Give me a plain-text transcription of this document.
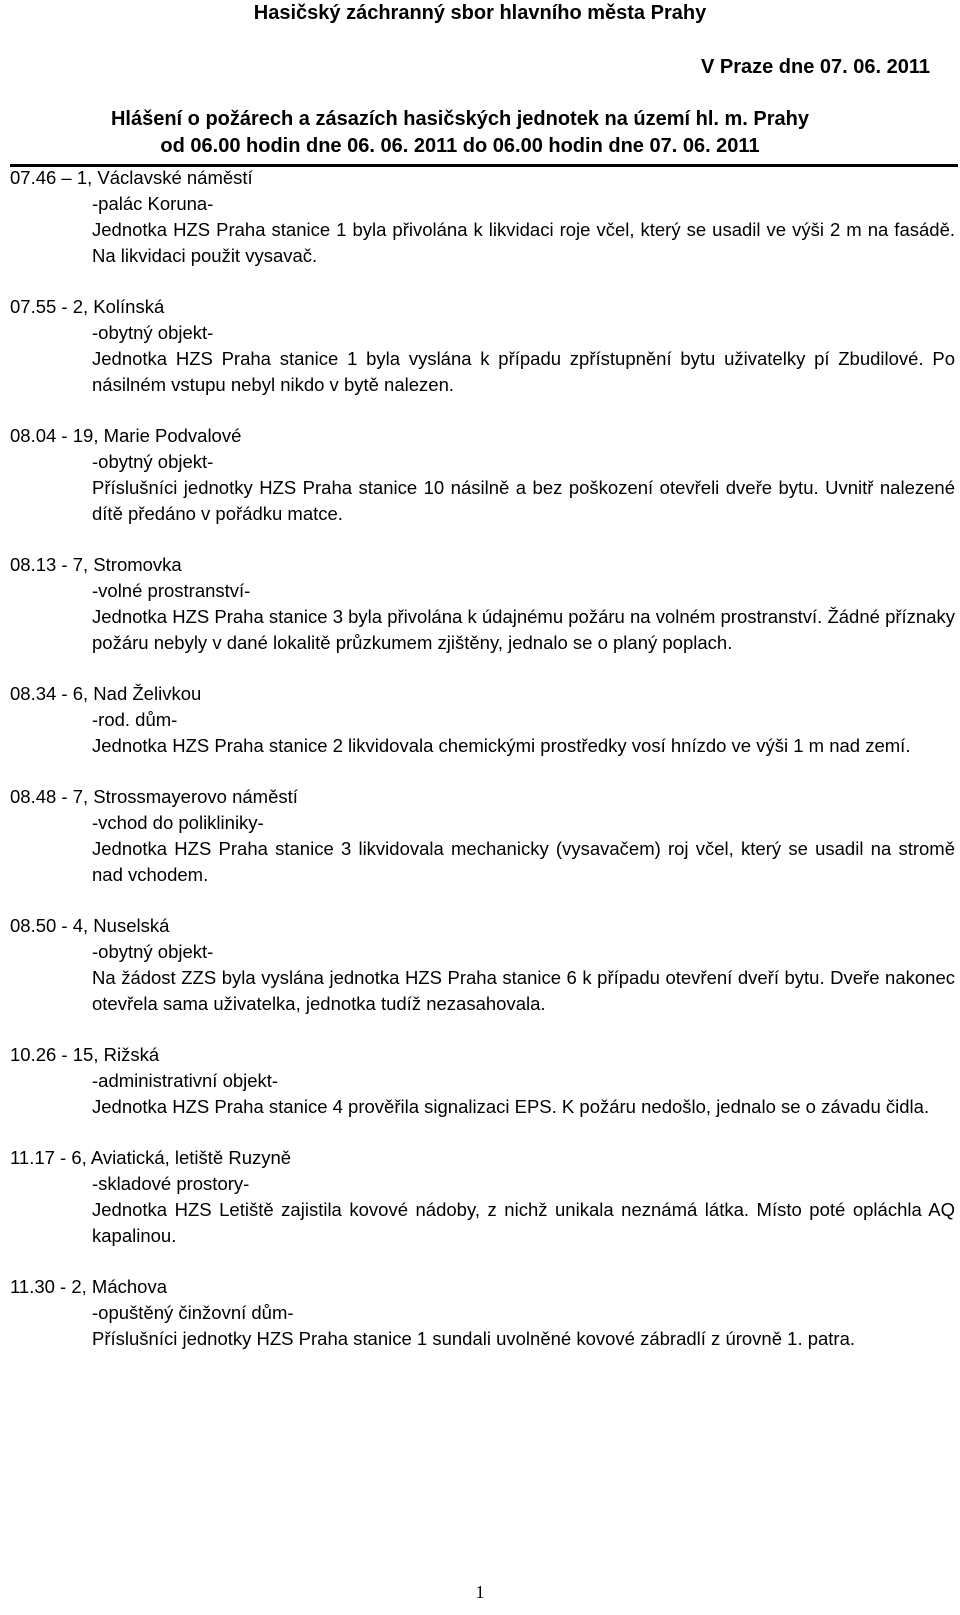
Hasičský záchranný sbor hlavního města Prahy
V Praze dne 07. 06. 2011
Hlášení o požárech a zásazích hasičských jednotek na území hl. m. Prahy
od 06.00 hodin dne 06. 06. 2011 do 06.00 hodin dne 07. 06. 2011
07.46 – 1, Václavské náměstí
-palác Koruna-
Jednotka HZS Praha stanice 1 byla přivolána k likvidaci roje včel, který se usadil ve výši 2 m na fasádě. Na likvidaci použit vysavač.
07.55 - 2, Kolínská
-obytný objekt-
Jednotka HZS Praha stanice 1 byla vyslána k případu zpřístupnění bytu uživatelky pí Zbudilové. Po násilném vstupu nebyl nikdo v bytě nalezen.
08.04 - 19, Marie Podvalové
-obytný objekt-
Příslušníci jednotky HZS Praha stanice 10 násilně a bez poškození otevřeli dveře bytu. Uvnitř nalezené dítě předáno v pořádku matce.
08.13 - 7, Stromovka
-volné prostranství-
Jednotka HZS Praha stanice 3 byla přivolána k údajnému požáru na volném prostranství. Žádné příznaky požáru nebyly v dané lokalitě průzkumem zjištěny, jednalo se o planý poplach.
08.34 - 6, Nad Želivkou
-rod. dům-
Jednotka HZS Praha stanice 2 likvidovala chemickými prostředky vosí hnízdo ve výši 1 m nad zemí.
08.48 - 7, Strossmayerovo náměstí
-vchod do polikliniky-
Jednotka HZS Praha stanice 3 likvidovala mechanicky (vysavačem) roj včel, který se usadil na stromě nad vchodem.
08.50 - 4, Nuselská
-obytný objekt-
Na žádost ZZS byla vyslána jednotka HZS Praha stanice 6 k případu otevření dveří bytu. Dveře nakonec otevřela sama uživatelka, jednotka tudíž nezasahovala.
10.26 - 15, Rižská
-administrativní objekt-
Jednotka HZS Praha stanice 4 prověřila signalizaci EPS. K požáru nedošlo, jednalo se o závadu čidla.
11.17 - 6, Aviatická, letiště Ruzyně
-skladové prostory-
Jednotka HZS Letiště zajistila kovové nádoby, z nichž unikala neznámá látka. Místo poté opláchla AQ kapalinou.
11.30 - 2, Máchova
-opuštěný činžovní dům-
Příslušníci jednotky HZS Praha stanice 1 sundali uvolněné kovové zábradlí z úrovně 1. patra.
1
